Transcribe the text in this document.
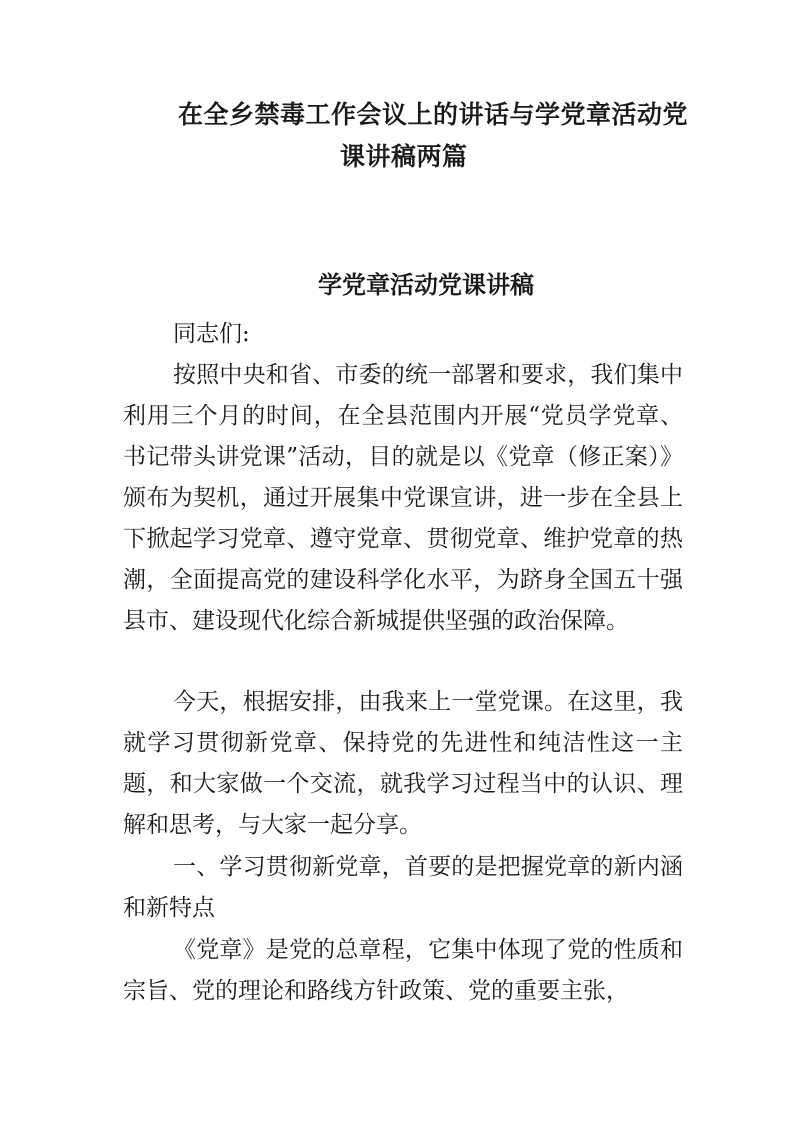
在全乡禁毒工作会议上的讲话与学党章活动党
课讲稿两篇
学党章活动党课讲稿

同志们:

按照中央和省、市委的统一部署和要求，我们集中利用三个月的时间，在全县范围内开展“党员学党章、书记带头讲党课”活动，目的就是以《党章（修正案）》颁布为契机，通过开展集中党课宣讲，进一步在全县上下掀起学习党章、遵守党章、贯彻党章、维护党章的热潮，全面提高党的建设科学化水平，为跻身全国五十强县市、建设现代化综合新城提供坚强的政治保障。

今天，根据安排，由我来上一堂党课。在这里，我就学习贯彻新党章、保持党的先进性和纯洁性这一主题，和大家做一个交流，就我学习过程当中的认识、理解和思考，与大家一起分享。

一、学习贯彻新党章，首要的是把握党章的新内涵和新特点

《党章》是党的总章程，它集中体现了党的性质和宗旨、党的理论和路线方针政策、党的重要主张，
